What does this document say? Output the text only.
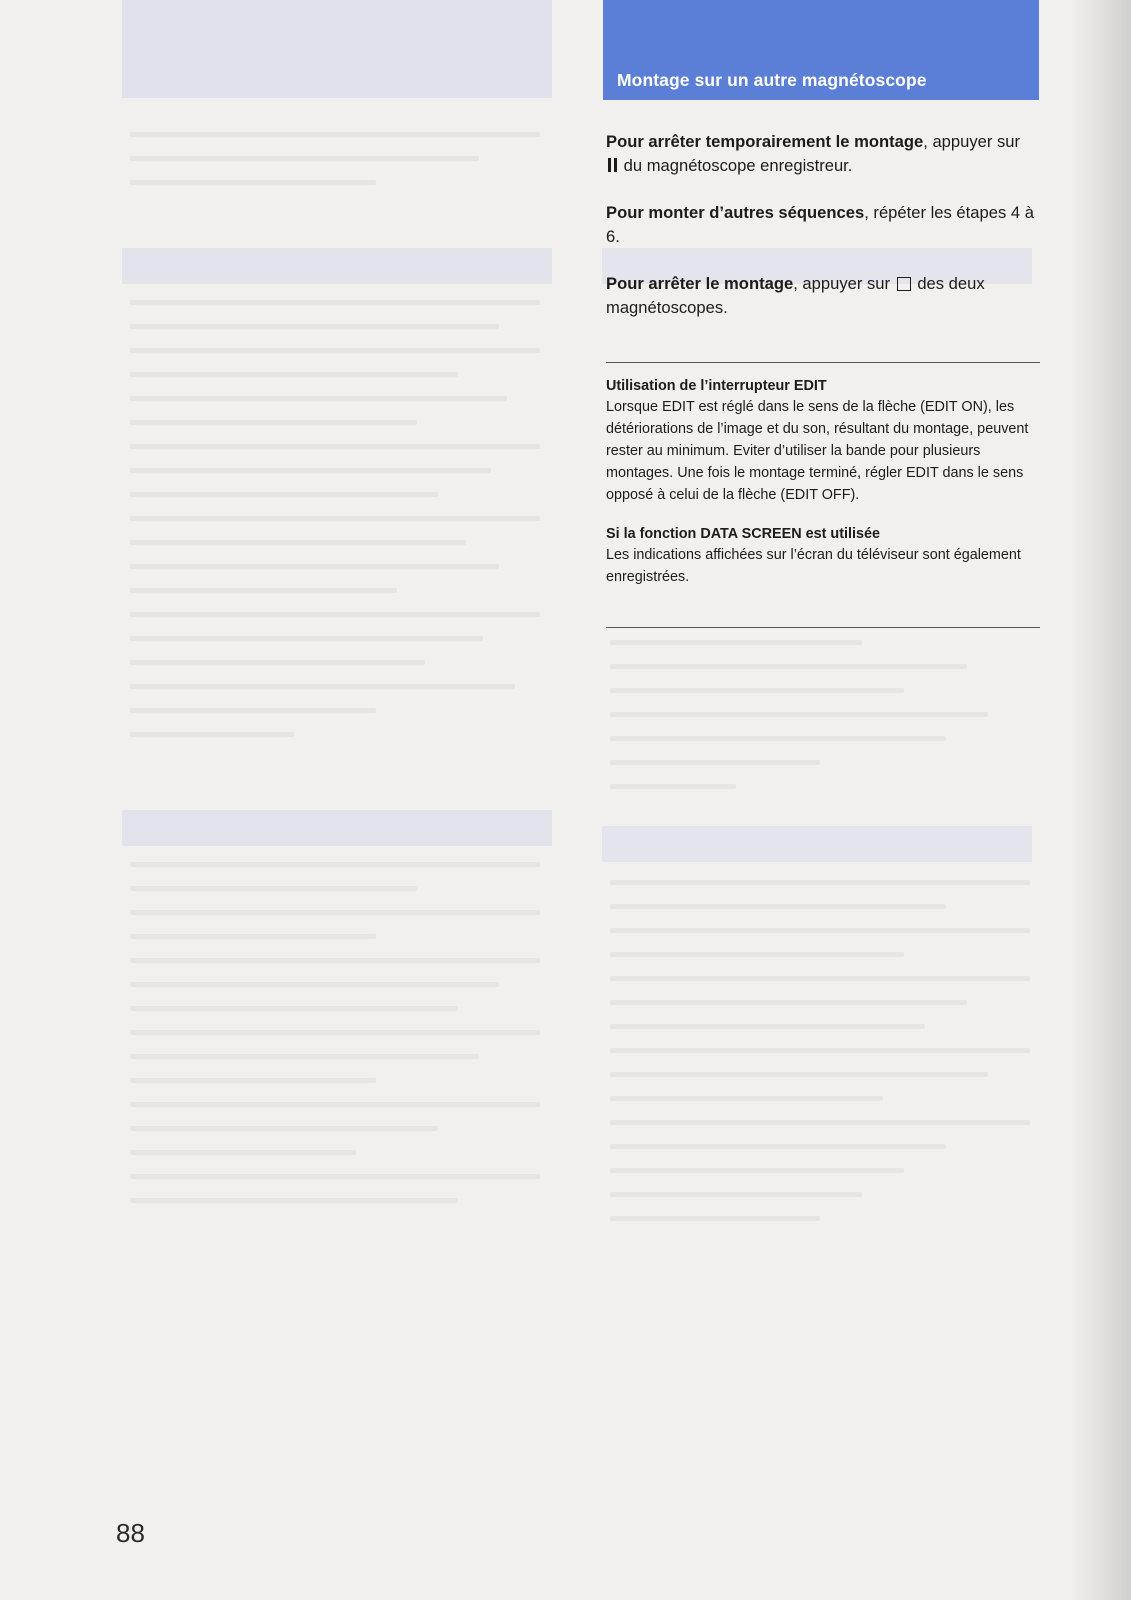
Montage sur un autre magnétoscope

Pour arrêter temporairement le montage, appuyer sur  du magnétoscope enregistreur.

Pour monter d’autres séquences, répéter les étapes 4 à 6.

Pour arrêter le montage, appuyer sur des deux magnétoscopes.

Utilisation de l’interrupteur EDIT

Lorsque EDIT est réglé dans le sens de la flèche (EDIT ON), les détériorations de l’image et du son, résultant du montage, peuvent rester au minimum. Eviter d’utiliser la bande pour plusieurs montages. Une fois le montage terminé, régler EDIT dans le sens opposé à celui de la flèche (EDIT OFF).

Si la fonction DATA SCREEN est utilisée

Les indications affichées sur l’écran du téléviseur sont également enregistrées.

88
